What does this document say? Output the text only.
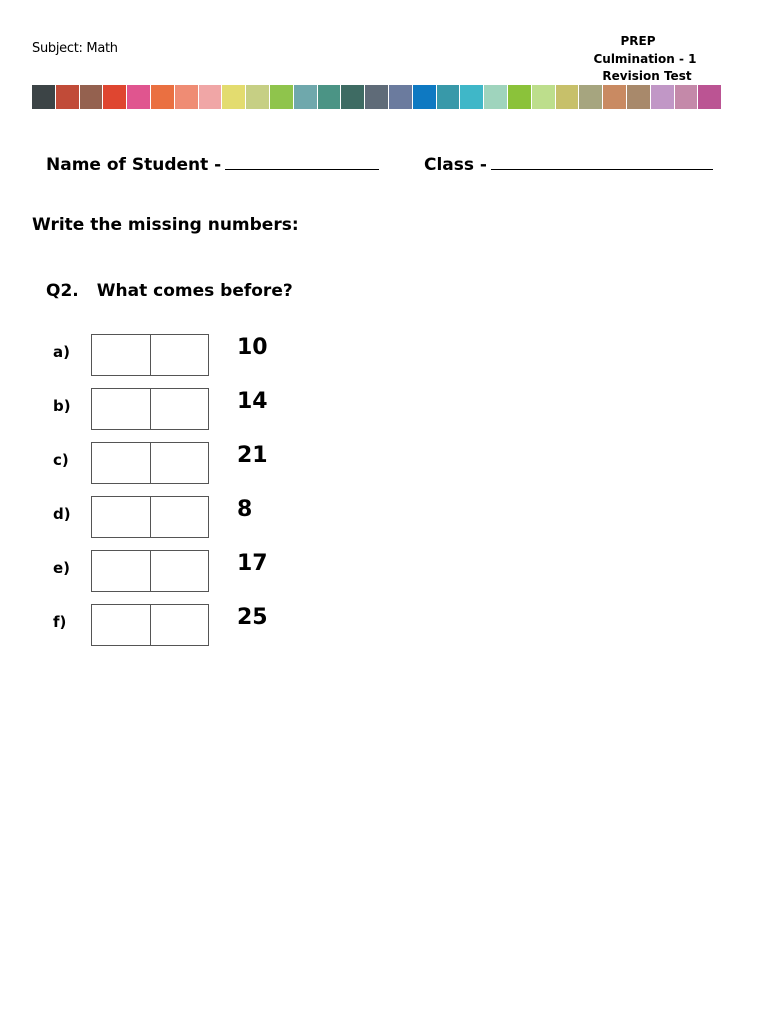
Subject: Math	PREP
Culmination - 1
Revision Test
Name of Student -	Class -
Write the missing numbers:
Q2. What comes before?
a)	10
b)	14
c)	21
d)	8
e)	17
f)	25
